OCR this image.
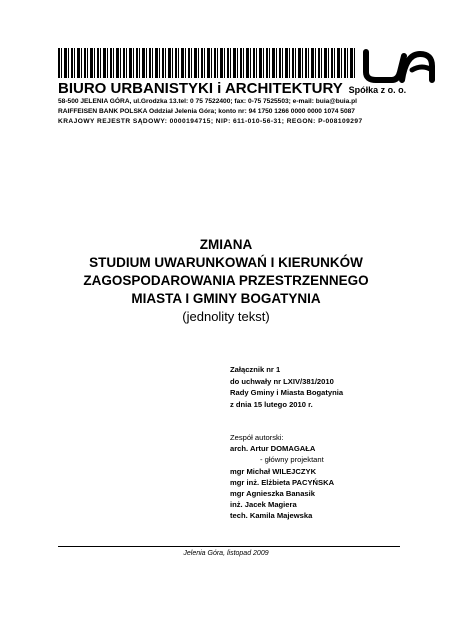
BIURO URBANISTYKI i ARCHITEKTURY Spółka z o. o.
58-500 JELENIA GÓRA, ul.Grodzka 13.tel: 0 75 7522400; fax: 0-75 7525503; e-mail: buia@buia.pl
RAIFFEISEN BANK POLSKA Oddział Jelenia Góra; konto nr: 94 1750 1266 0000 0000 1074 5087
KRAJOWY REJESTR SĄDOWY: 0000194715; NIP: 611-010-56-31; REGON: P-008109297
ZMIANA
STUDIUM UWARUNKOWAŃ I KIERUNKÓW
ZAGOSPODAROWANIA PRZESTRZENNEGO
MIASTA I GMINY BOGATYNIA
(jednolity tekst)
Załącznik nr 1
do uchwały nr LXIV/381/2010
Rady Gminy i Miasta Bogatynia
z dnia 15 lutego 2010 r.
Zespół autorski:
arch. Artur DOMAGAŁA
- główny projektant
mgr Michał WILEJCZYK
mgr inż. Elżbieta PACYŃSKA
mgr Agnieszka Banasik
inż. Jacek Magiera
tech. Kamila Majewska
Jelenia Góra, listopad 2009
